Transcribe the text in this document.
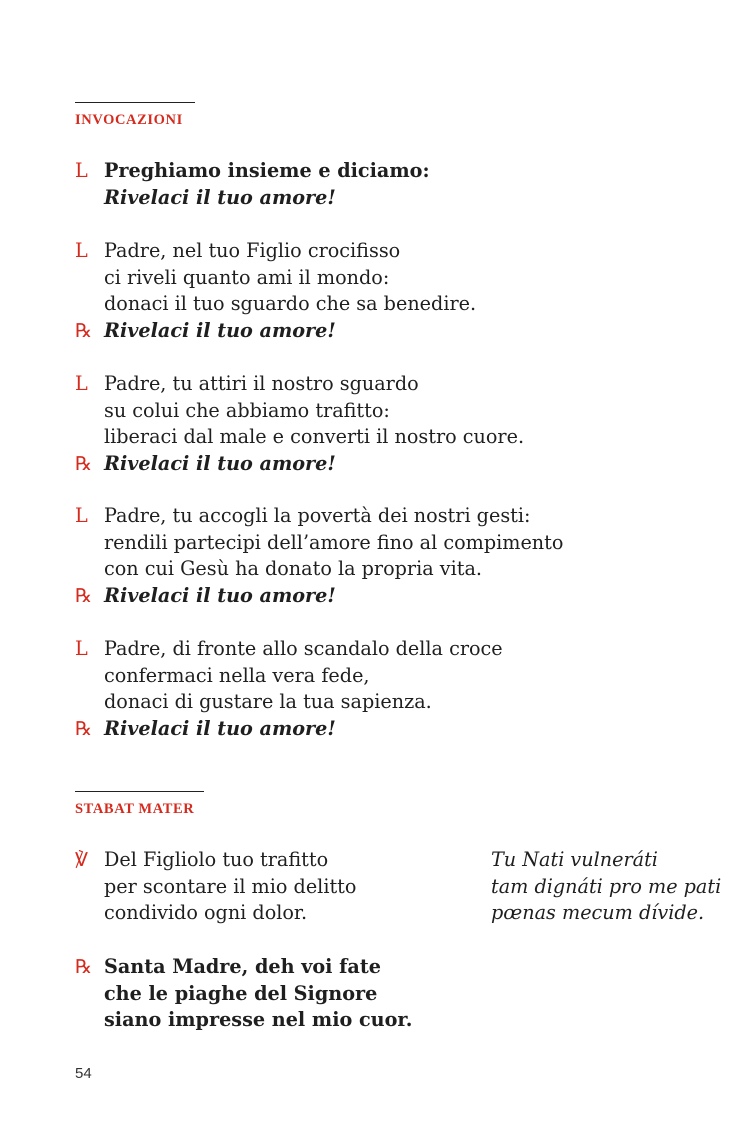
INVOCAZIONI
L Preghiamo insieme e diciamo:
Rivelaci il tuo amore!
L Padre, nel tuo Figlio crocifisso
ci riveli quanto ami il mondo:
donaci il tuo sguardo che sa benedire.
℞ Rivelaci il tuo amore!
L Padre, tu attiri il nostro sguardo
su colui che abbiamo trafitto:
liberaci dal male e converti il nostro cuore.
℞ Rivelaci il tuo amore!
L Padre, tu accogli la povertà dei nostri gesti:
rendili partecipi dell’amore fino al compimento
con cui Gesù ha donato la propria vita.
℞ Rivelaci il tuo amore!
L Padre, di fronte allo scandalo della croce
confermaci nella vera fede,
donaci di gustare la tua sapienza.
℞ Rivelaci il tuo amore!
STABAT MATER
℣ Del Figliolo tuo trafitto	Tu Nati vulneráti
per scontare il mio delitto	tam dignáti pro me pati
condivido ogni dolor.	pœnas mecum dívide.
℞ Santa Madre, deh voi fate
che le piaghe del Signore
siano impresse nel mio cuor.
54
